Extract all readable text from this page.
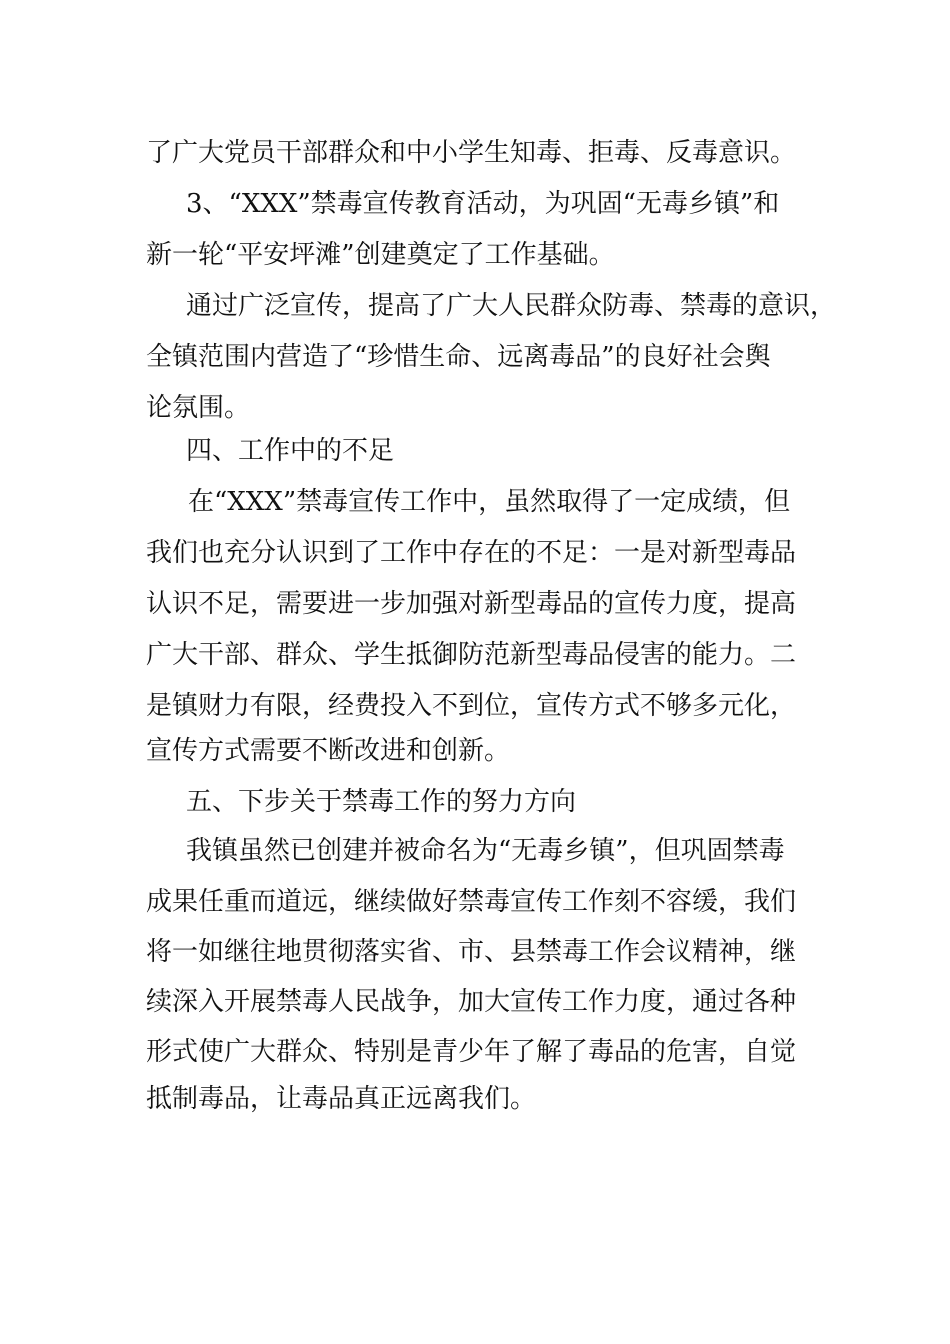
了广大党员干部群众和中小学生知毒、拒毒、反毒意识。
3、“XXX”禁毒宣传教育活动，为巩固“无毒乡镇”和
新一轮“平安坪滩”创建奠定了工作基础。
通过广泛宣传，提高了广大人民群众防毒、禁毒的意识，
全镇范围内营造了“珍惜生命、远离毒品”的良好社会舆
论氛围。
四、工作中的不足
在“XXX”禁毒宣传工作中，虽然取得了一定成绩，但
我们也充分认识到了工作中存在的不足：一是对新型毒品
认识不足，需要进一步加强对新型毒品的宣传力度，提高
广大干部、群众、学生抵御防范新型毒品侵害的能力。二
是镇财力有限，经费投入不到位，宣传方式不够多元化，
宣传方式需要不断改进和创新。
五、下步关于禁毒工作的努力方向
我镇虽然已创建并被命名为“无毒乡镇”，但巩固禁毒
成果任重而道远，继续做好禁毒宣传工作刻不容缓，我们
将一如继往地贯彻落实省、市、县禁毒工作会议精神，继
续深入开展禁毒人民战争，加大宣传工作力度，通过各种
形式使广大群众、特别是青少年了解了毒品的危害，自觉
抵制毒品，让毒品真正远离我们。
